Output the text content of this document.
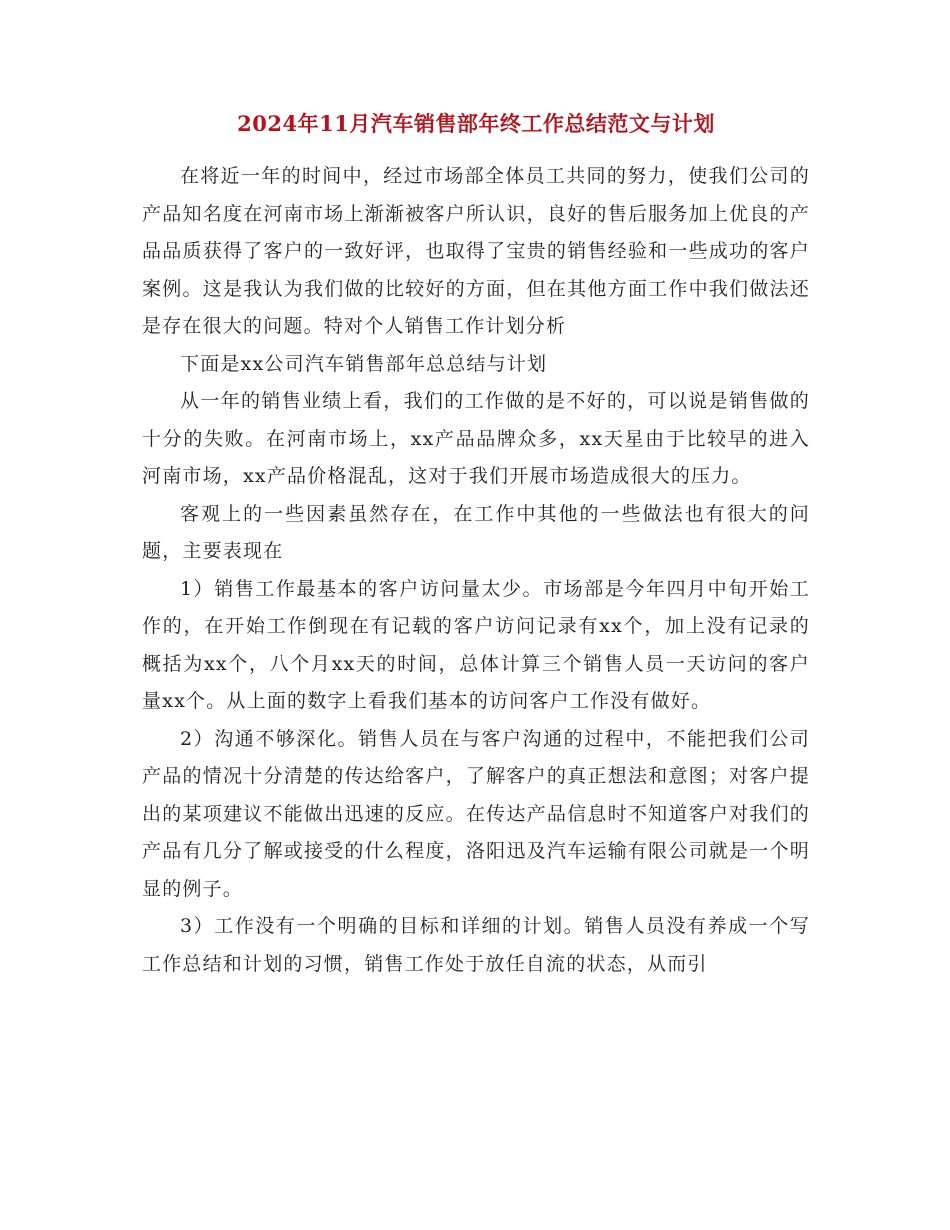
2024年11月汽车销售部年终工作总结范文与计划

在将近一年的时间中，经过市场部全体员工共同的努力，使我们公司的产品知名度在河南市场上渐渐被客户所认识，良好的售后服务加上优良的产品品质获得了客户的一致好评，也取得了宝贵的销售经验和一些成功的客户案例。这是我认为我们做的比较好的方面，但在其他方面工作中我们做法还是存在很大的问题。特对个人销售工作计划分析

下面是xx公司汽车销售部年总总结与计划

从一年的销售业绩上看，我们的工作做的是不好的，可以说是销售做的十分的失败。在河南市场上，xx产品品牌众多，xx天星由于比较早的进入河南市场，xx产品价格混乱，这对于我们开展市场造成很大的压力。

客观上的一些因素虽然存在，在工作中其他的一些做法也有很大的问题，主要表现在

1）销售工作最基本的客户访问量太少。市场部是今年四月中旬开始工作的，在开始工作倒现在有记载的客户访问记录有xx个，加上没有记录的概括为xx个，八个月xx天的时间，总体计算三个销售人员一天访问的客户量xx个。从上面的数字上看我们基本的访问客户工作没有做好。

2）沟通不够深化。销售人员在与客户沟通的过程中，不能把我们公司产品的情况十分清楚的传达给客户，了解客户的真正想法和意图；对客户提出的某项建议不能做出迅速的反应。在传达产品信息时不知道客户对我们的产品有几分了解或接受的什么程度，洛阳迅及汽车运输有限公司就是一个明显的例子。

3）工作没有一个明确的目标和详细的计划。销售人员没有养成一个写工作总结和计划的习惯，销售工作处于放任自流的状态，从而引
